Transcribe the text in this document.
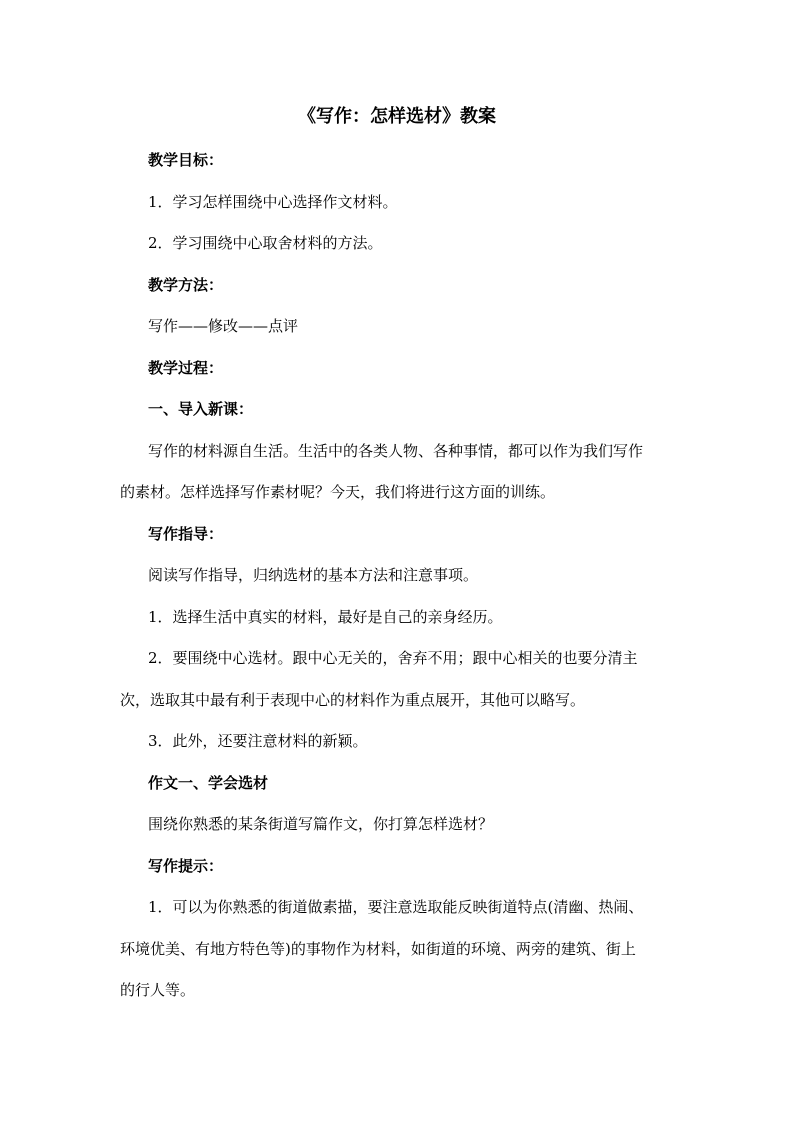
《写作：怎样选材》教案
教学目标：
1．学习怎样围绕中心选择作文材料。
2．学习围绕中心取舍材料的方法。
教学方法：
写作——修改——点评
教学过程：
一、导入新课：
写作的材料源自生活。生活中的各类人物、各种事情，都可以作为我们写作
的素材。怎样选择写作素材呢？今天，我们将进行这方面的训练。
写作指导：
阅读写作指导，归纳选材的基本方法和注意事项。
1．选择生活中真实的材料，最好是自己的亲身经历。
2．要围绕中心选材。跟中心无关的，舍弃不用；跟中心相关的也要分清主
次，选取其中最有利于表现中心的材料作为重点展开，其他可以略写。
3．此外，还要注意材料的新颖。
作文一、学会选材
围绕你熟悉的某条街道写篇作文，你打算怎样选材？
写作提示：
1．可以为你熟悉的街道做素描，要注意选取能反映街道特点(清幽、热闹、
环境优美、有地方特色等)的事物作为材料，如街道的环境、两旁的建筑、街上
的行人等。
